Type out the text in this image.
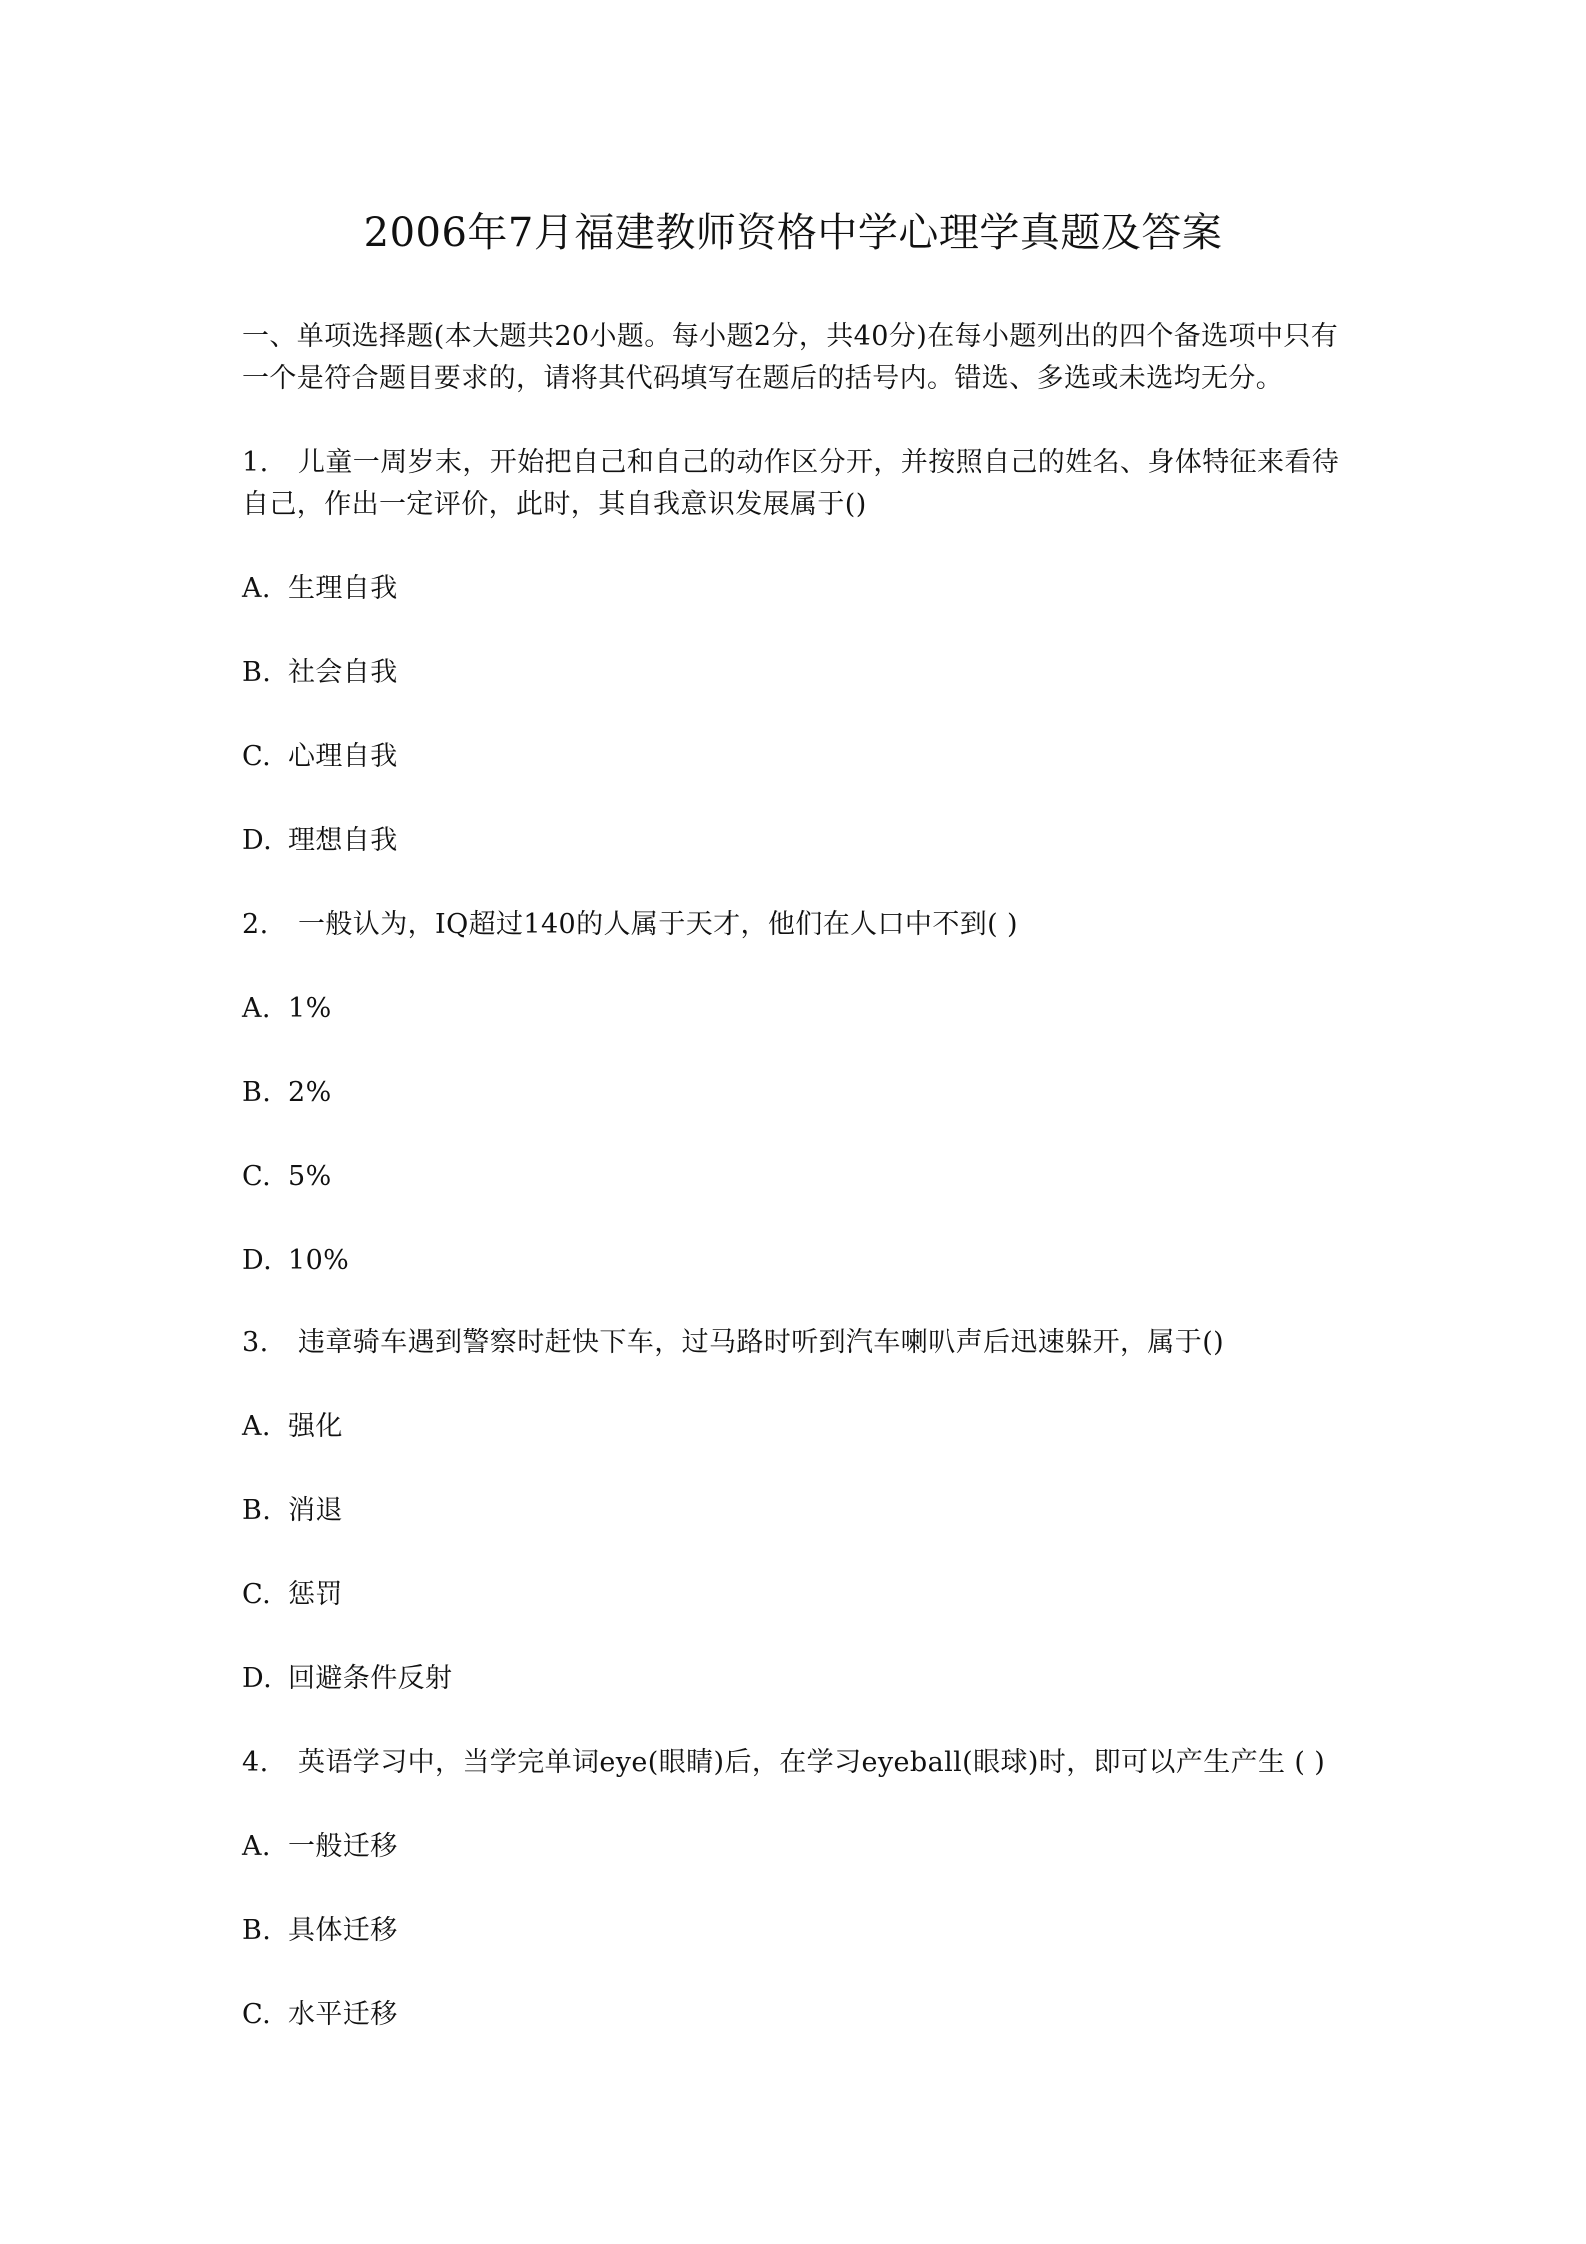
2006年7月福建教师资格中学心理学真题及答案
一、单项选择题(本大题共20小题。每小题2分，共40分)在每小题列出的四个备选项中只有一个是符合题目要求的，请将其代码填写在题后的括号内。错选、多选或未选均无分。
1. 儿童一周岁末，开始把自己和自己的动作区分开，并按照自己的姓名、身体特征来看待自己，作出一定评价，此时，其自我意识发展属于()
A. 生理自我
B. 社会自我
C. 心理自我
D. 理想自我
2. 一般认为，IQ超过140的人属于天才，他们在人口中不到( )
A. 1%
B. 2%
C. 5%
D. 10%
3. 违章骑车遇到警察时赶快下车，过马路时听到汽车喇叭声后迅速躲开，属于()
A. 强化
B. 消退
C. 惩罚
D. 回避条件反射
4. 英语学习中，当学完单词eye(眼睛)后，在学习eyeball(眼球)时，即可以产生产生 ( )
A. 一般迁移
B. 具体迁移
C. 水平迁移
